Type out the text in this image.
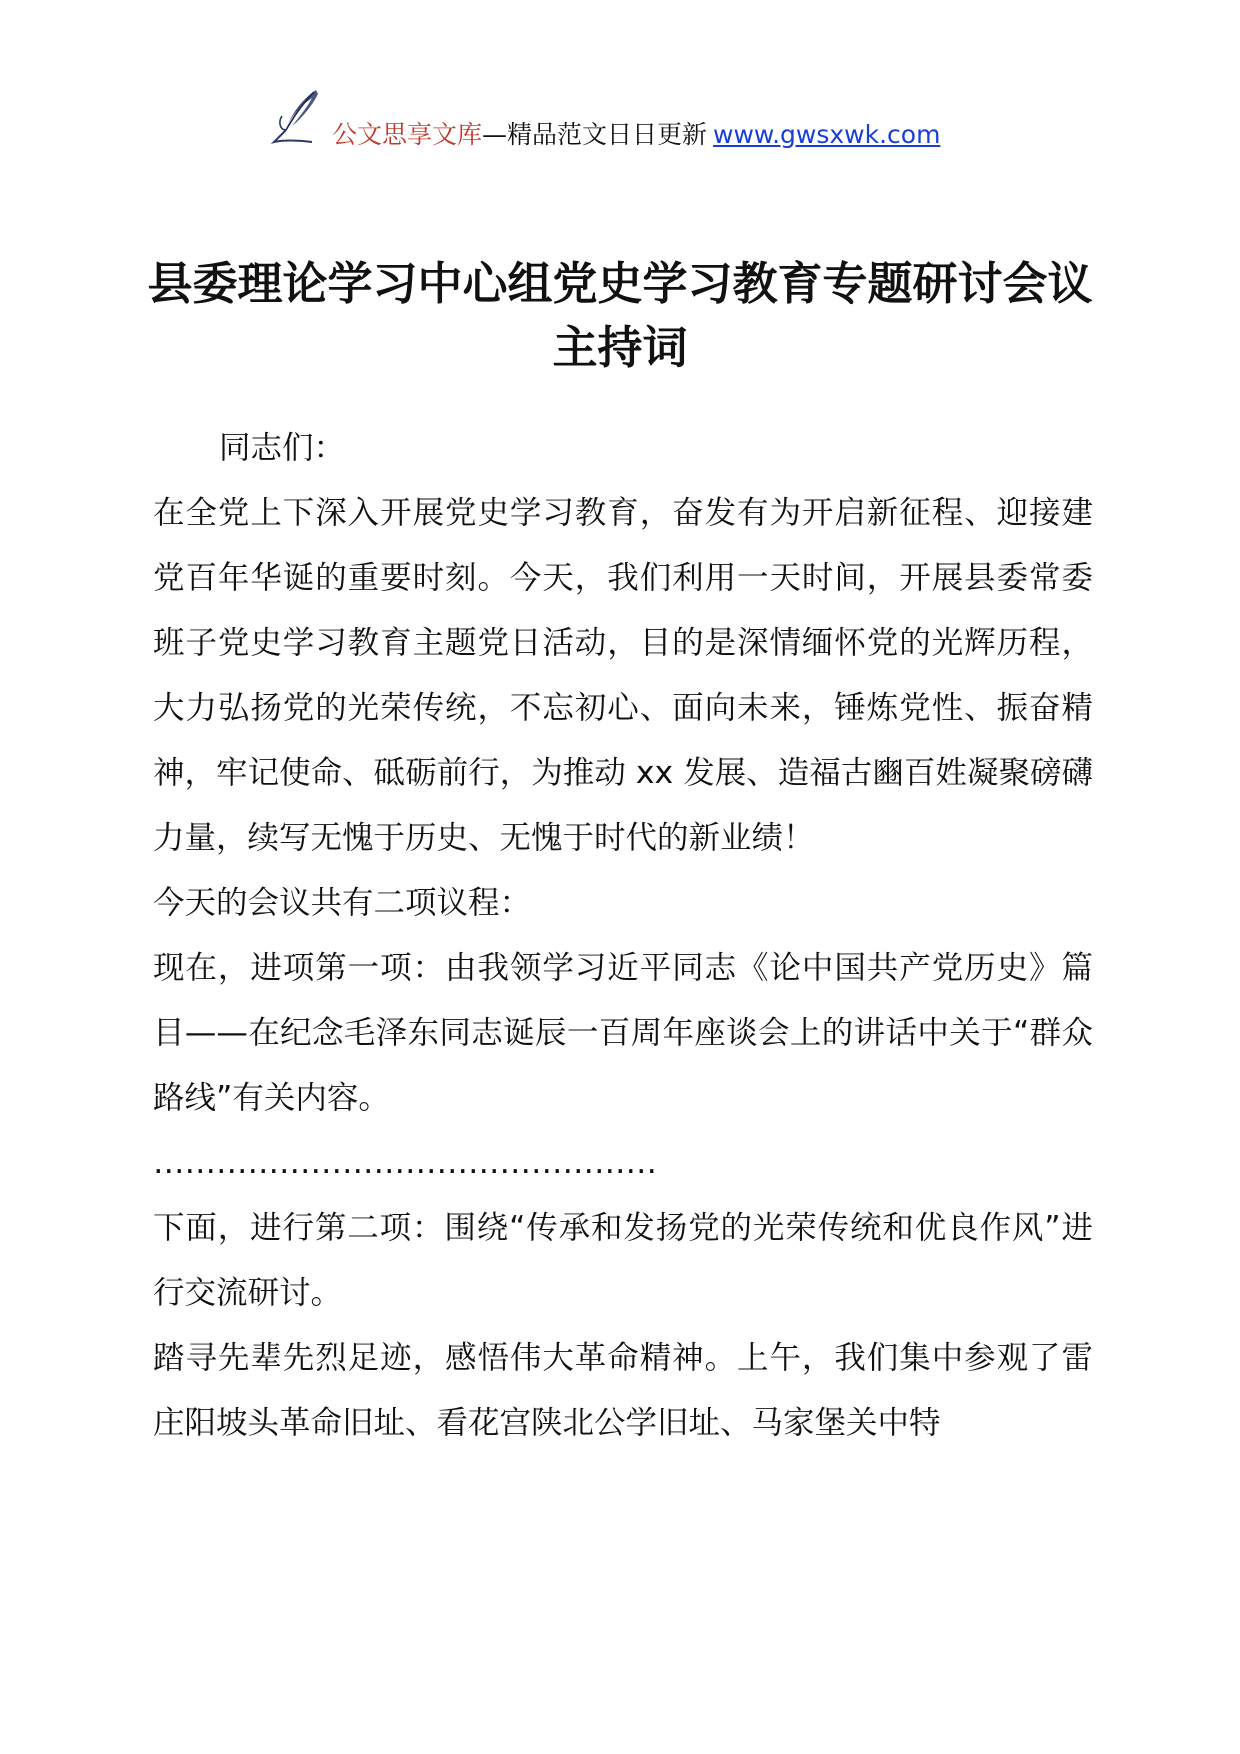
公文思享文库—精品范文日日更新 www.gwsxwk.com
县委理论学习中心组党史学习教育专题研讨会议主持词

同志们：

在全党上下深入开展党史学习教育，奋发有为开启新征程、迎接建党百年华诞的重要时刻。今天，我们利用一天时间，开展县委常委班子党史学习教育主题党日活动，目的是深情缅怀党的光辉历程，大力弘扬党的光荣传统，不忘初心、面向未来，锤炼党性、振奋精神，牢记使命、砥砺前行，为推动 xx 发展、造福古豳百姓凝聚磅礴力量，续写无愧于历史、无愧于时代的新业绩！

今天的会议共有二项议程：

现在，进项第一项：由我领学习近平同志《论中国共产党历史》篇目——在纪念毛泽东同志诞辰一百周年座谈会上的讲话中关于“群众路线”有关内容。

…………………………………………

下面，进行第二项：围绕“传承和发扬党的光荣传统和优良作风”进行交流研讨。

踏寻先辈先烈足迹，感悟伟大革命精神。上午，我们集中参观了雷庄阳坡头革命旧址、看花宫陕北公学旧址、马家堡关中特
